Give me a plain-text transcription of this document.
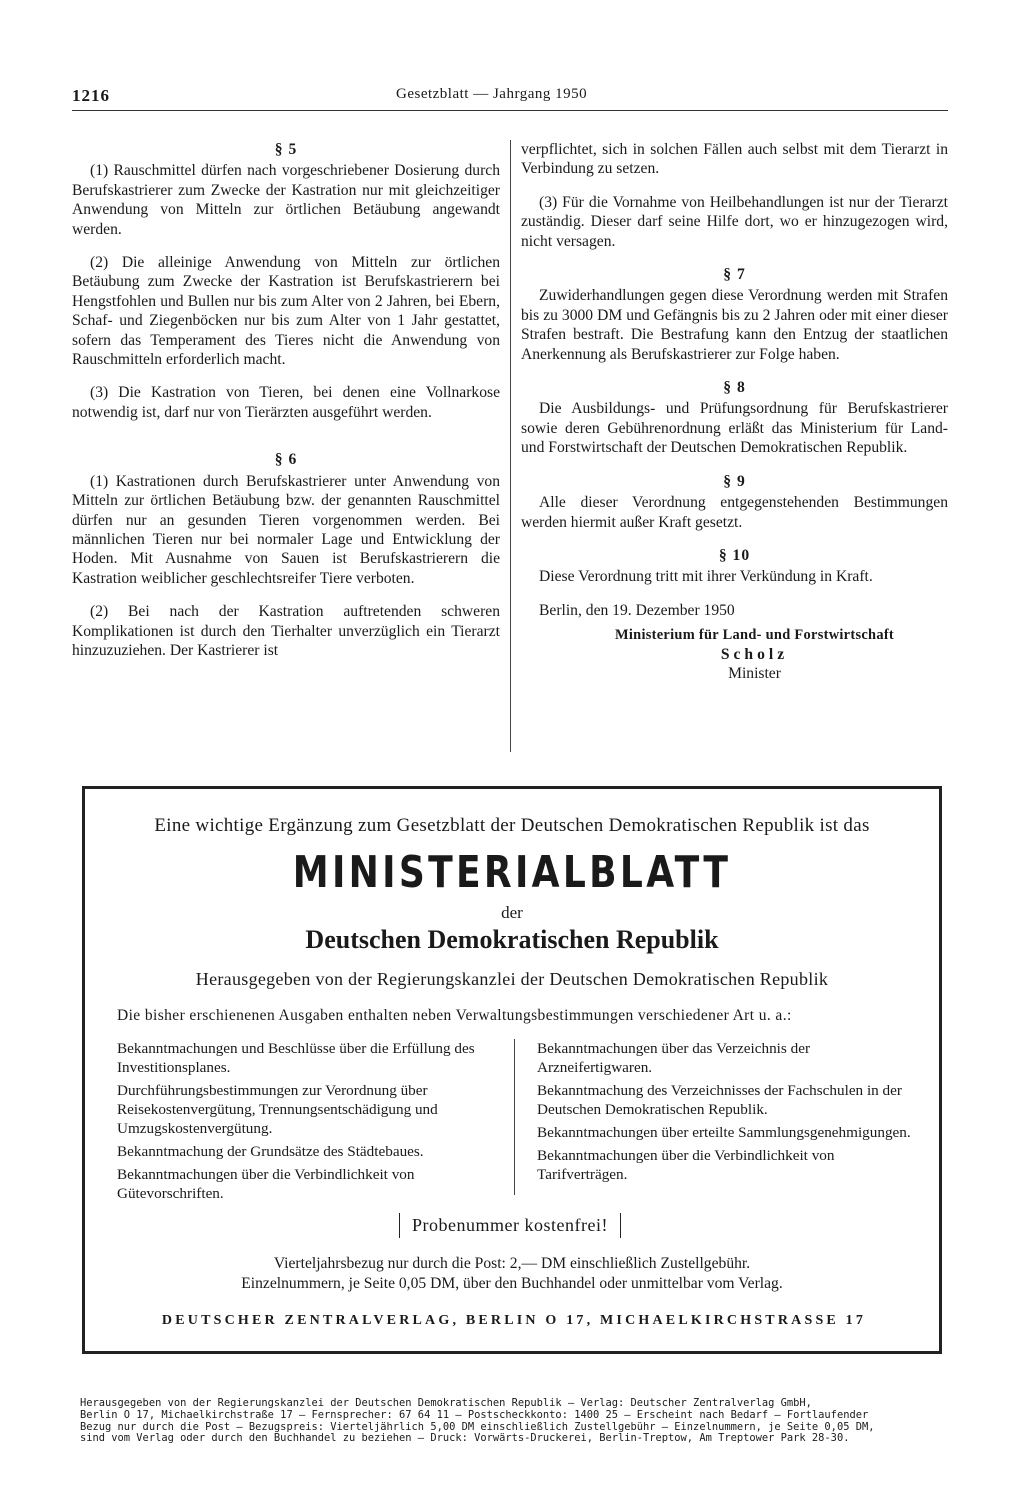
1216	Gesetzblatt — Jahrgang 1950
§ 5

(1) Rauschmittel dürfen nach vorgeschriebener Dosierung durch Berufskastrierer zum Zwecke der Kastration nur mit gleichzeitiger Anwendung von Mitteln zur örtlichen Betäubung angewandt werden.

(2) Die alleinige Anwendung von Mitteln zur örtlichen Betäubung zum Zwecke der Kastration ist Berufskastrierern bei Hengstfohlen und Bullen nur bis zum Alter von 2 Jahren, bei Ebern, Schaf- und Ziegenböcken nur bis zum Alter von 1 Jahr gestattet, sofern das Temperament des Tieres nicht die Anwendung von Rauschmitteln erforderlich macht.

(3) Die Kastration von Tieren, bei denen eine Vollnarkose notwendig ist, darf nur von Tierärzten ausgeführt werden.

§ 6

(1) Kastrationen durch Berufskastrierer unter Anwendung von Mitteln zur örtlichen Betäubung bzw. der genannten Rauschmittel dürfen nur an gesunden Tieren vorgenommen werden. Bei männlichen Tieren nur bei normaler Lage und Entwicklung der Hoden. Mit Ausnahme von Sauen ist Berufskastrierern die Kastration weiblicher geschlechtsreifer Tiere verboten.

(2) Bei nach der Kastration auftretenden schweren Komplikationen ist durch den Tierhalter unverzüglich ein Tierarzt hinzuzuziehen. Der Kastrierer ist

verpflichtet, sich in solchen Fällen auch selbst mit dem Tierarzt in Verbindung zu setzen.

(3) Für die Vornahme von Heilbehandlungen ist nur der Tierarzt zuständig. Dieser darf seine Hilfe dort, wo er hinzugezogen wird, nicht versagen.

§ 7

Zuwiderhandlungen gegen diese Verordnung werden mit Strafen bis zu 3000 DM und Gefängnis bis zu 2 Jahren oder mit einer dieser Strafen bestraft. Die Bestrafung kann den Entzug der staatlichen Anerkennung als Berufskastrierer zur Folge haben.

§ 8

Die Ausbildungs- und Prüfungsordnung für Berufskastrierer sowie deren Gebührenordnung erläßt das Ministerium für Land- und Forstwirtschaft der Deutschen Demokratischen Republik.

§ 9

Alle dieser Verordnung entgegenstehenden Bestimmungen werden hiermit außer Kraft gesetzt.

§ 10

Diese Verordnung tritt mit ihrer Verkündung in Kraft.

Berlin, den 19. Dezember 1950
Ministerium für Land- und Forstwirtschaft
Scholz
Minister
Eine wichtige Ergänzung zum Gesetzblatt der Deutschen Demokratischen Republik ist das
MINISTERIALBLATT
der
Deutschen Demokratischen Republik
Herausgegeben von der Regierungskanzlei der Deutschen Demokratischen Republik
Die bisher erschienenen Ausgaben enthalten neben Verwaltungsbestimmungen verschiedener Art u. a.:
Bekanntmachungen und Beschlüsse über die Erfüllung des Investitionsplanes.
Durchführungsbestimmungen zur Verordnung über Reisekostenvergütung, Trennungsentschädigung und Umzugskostenvergütung.
Bekanntmachung der Grundsätze des Städtebaues.
Bekanntmachungen über die Verbindlichkeit von Gütevorschriften.
Bekanntmachungen über das Verzeichnis der Arzneifertigwaren.
Bekanntmachung des Verzeichnisses der Fachschulen in der Deutschen Demokratischen Republik.
Bekanntmachungen über erteilte Sammlungsgenehmigungen.
Bekanntmachungen über die Verbindlichkeit von Tarifverträgen.
Probenummer kostenfrei!
Vierteljahrsbezug nur durch die Post: 2,— DM einschließlich Zustellgebühr.
Einzelnummern, je Seite 0,05 DM, über den Buchhandel oder unmittelbar vom Verlag.
DEUTSCHER ZENTRALVERLAG, BERLIN O 17, MICHAELKIRCHSTRASSE 17
Herausgegeben von der Regierungskanzlei der Deutschen Demokratischen Republik — Verlag: Deutscher Zentralverlag GmbH,
Berlin O 17, Michaelkirchstraße 17 — Fernsprecher: 67 64 11 — Postscheckkonto: 1400 25 — Erscheint nach Bedarf — Fortlaufender
Bezug nur durch die Post — Bezugspreis: Vierteljährlich 5,00 DM einschließlich Zustellgebühr — Einzelnummern, je Seite 0,05 DM,
sind vom Verlag oder durch den Buchhandel zu beziehen — Druck: Vorwärts-Druckerei, Berlin-Treptow, Am Treptower Park 28-30.
